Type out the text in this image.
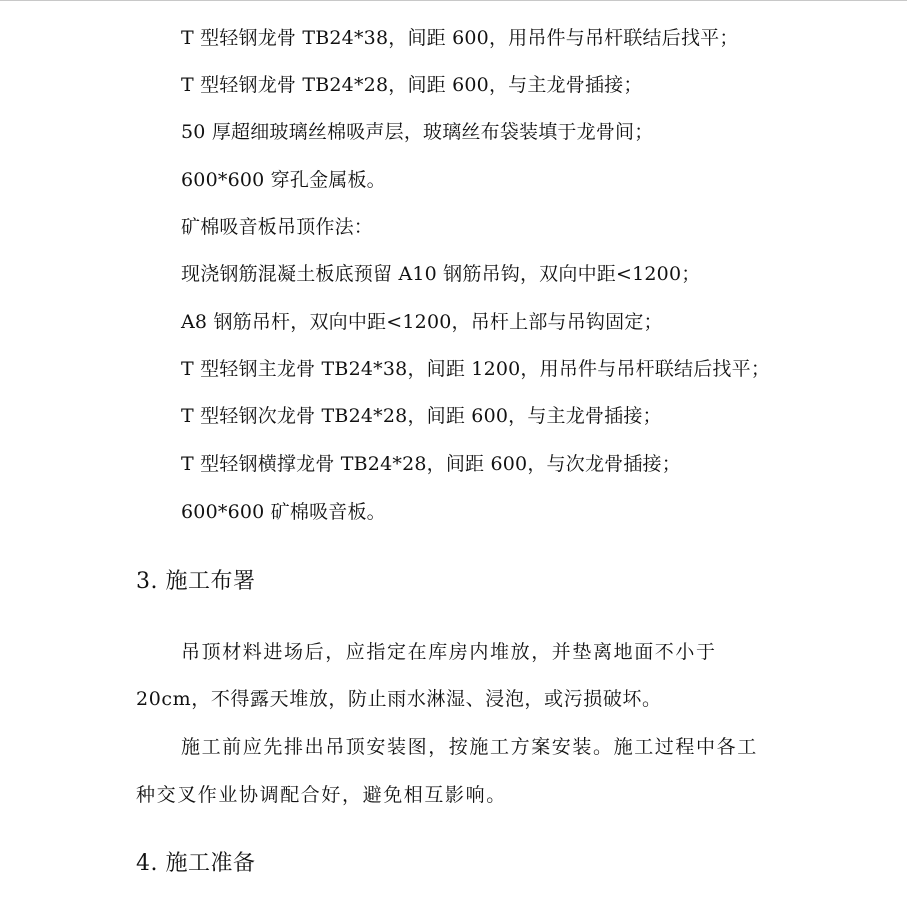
T 型轻钢龙骨 TB24*38，间距 600，用吊件与吊杆联结后找平；
T 型轻钢龙骨 TB24*28，间距 600，与主龙骨插接；
50 厚超细玻璃丝棉吸声层，玻璃丝布袋装填于龙骨间；
600*600 穿孔金属板。
矿棉吸音板吊顶作法：
现浇钢筋混凝土板底预留 A10 钢筋吊钩，双向中距<1200；
A8 钢筋吊杆，双向中距<1200，吊杆上部与吊钩固定；
T 型轻钢主龙骨 TB24*38，间距 1200，用吊件与吊杆联结后找平；
T 型轻钢次龙骨 TB24*28，间距 600，与主龙骨插接；
T 型轻钢横撑龙骨 TB24*28，间距 600，与次龙骨插接；
600*600 矿棉吸音板。
3. 施工布署
吊顶材料进场后，应指定在库房内堆放，并垫离地面不小于
20cm，不得露天堆放，防止雨水淋湿、浸泡，或污损破坏。
施工前应先排出吊顶安装图，按施工方案安装。施工过程中各工
种交叉作业协调配合好，避免相互影响。
4. 施工准备
